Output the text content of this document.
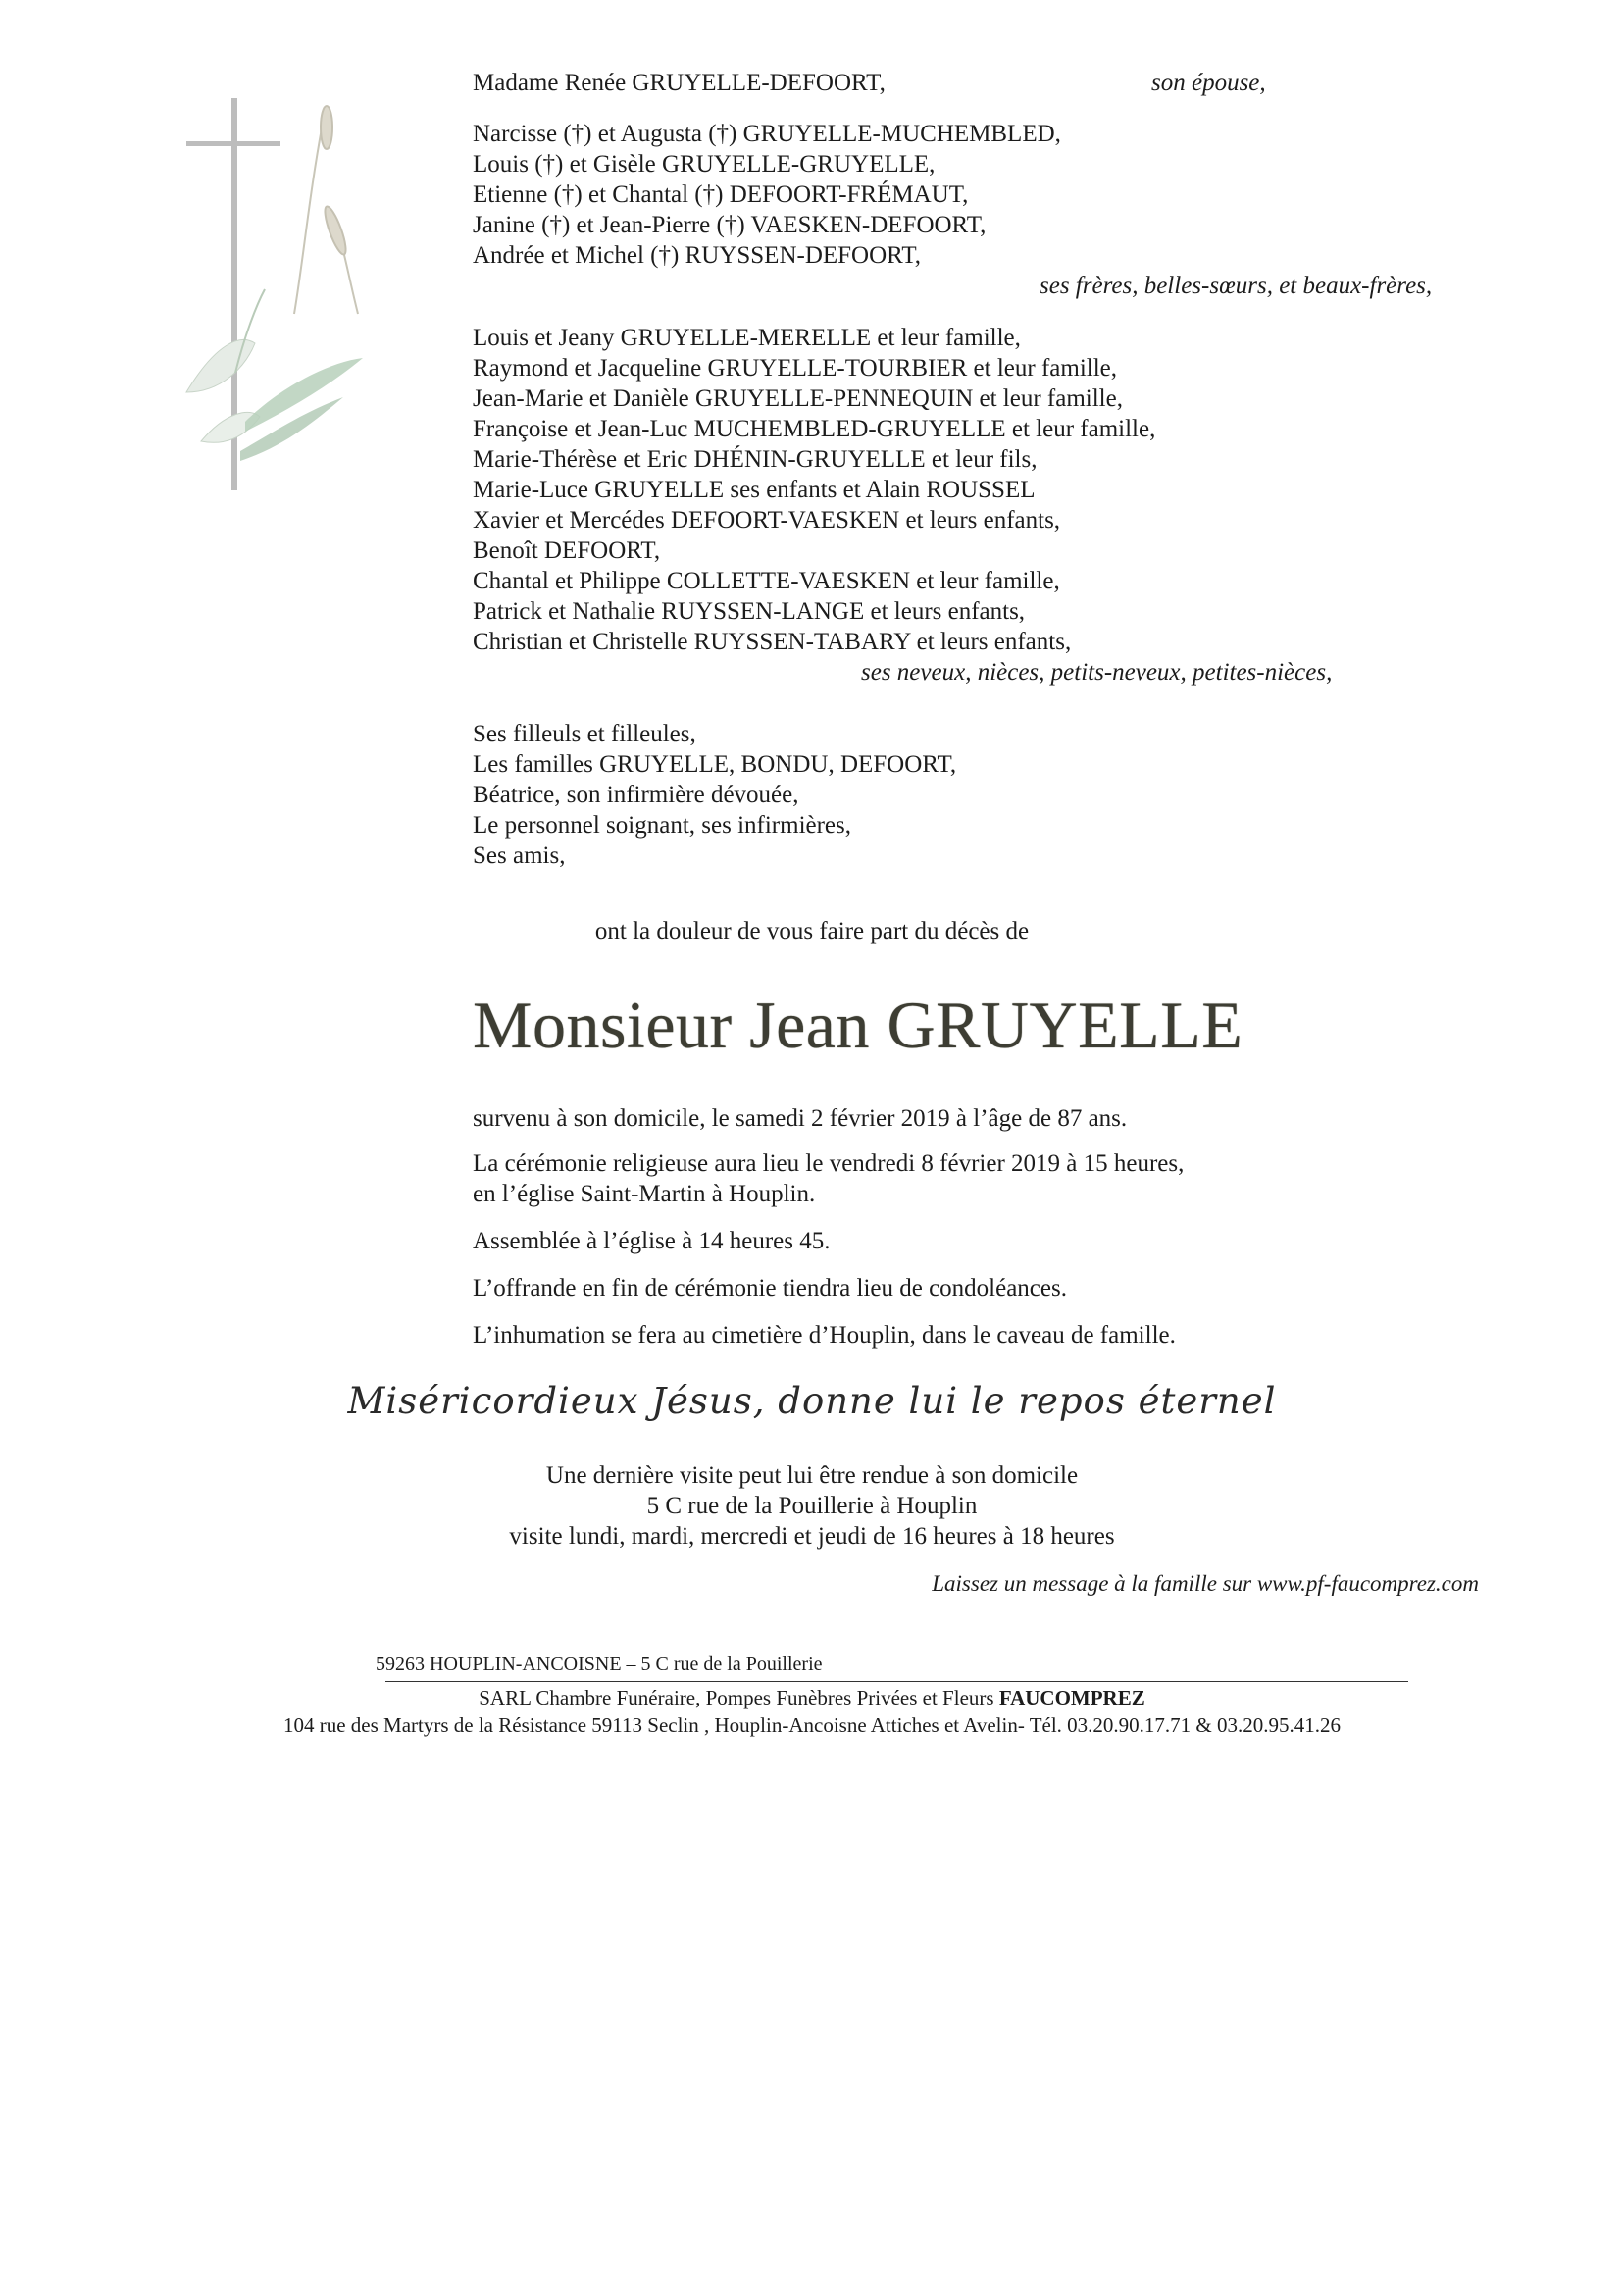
Madame Renée GRUYELLE-DEFOORT,	son épouse,
Narcisse (†) et Augusta (†) GRUYELLE-MUCHEMBLED,
Louis (†) et Gisèle GRUYELLE-GRUYELLE,
Etienne (†) et Chantal (†) DEFOORT-FRÉMAUT,
Janine (†) et Jean-Pierre (†) VAESKEN-DEFOORT,
Andrée et Michel (†) RUYSSEN-DEFOORT,
ses frères, belles-sœurs, et beaux-frères,
Louis et Jeany GRUYELLE-MERELLE et leur famille,
Raymond et Jacqueline GRUYELLE-TOURBIER et leur famille,
Jean-Marie et Danièle GRUYELLE-PENNEQUIN et leur famille,
Françoise et Jean-Luc MUCHEMBLED-GRUYELLE et leur famille,
Marie-Thérèse et Eric DHÉNIN-GRUYELLE et leur fils,
Marie-Luce GRUYELLE ses enfants et Alain ROUSSEL
Xavier et Mercédes DEFOORT-VAESKEN et leurs enfants,
Benoît DEFOORT,
Chantal et Philippe COLLETTE-VAESKEN et leur famille,
Patrick et Nathalie RUYSSEN-LANGE et leurs enfants,
Christian et Christelle RUYSSEN-TABARY et leurs enfants,
ses neveux, nièces, petits-neveux, petites-nièces,
Ses filleuls et filleules,
Les familles GRUYELLE, BONDU, DEFOORT,
Béatrice, son infirmière dévouée,
Le personnel soignant, ses infirmières,
Ses amis,
ont la douleur de vous faire part du décès de
Monsieur Jean GRUYELLE
survenu à son domicile, le samedi 2 février 2019 à l’âge de 87 ans.
La cérémonie religieuse aura lieu le vendredi 8 février 2019 à 15 heures,
en l’église Saint-Martin à Houplin.
Assemblée à l’église à 14 heures 45.
L’offrande en fin de cérémonie tiendra lieu de condoléances.
L’inhumation se fera au cimetière d’Houplin, dans le caveau de famille.
Miséricordieux Jésus, donne lui le repos éternel
Une dernière visite peut lui être rendue à son domicile
5 C rue de la Pouillerie à Houplin
visite lundi, mardi, mercredi et jeudi de 16 heures à 18 heures
Laissez un message à la famille sur www.pf-faucomprez.com
59263 HOUPLIN-ANCOISNE – 5 C rue de la Pouillerie
SARL Chambre Funéraire, Pompes Funèbres Privées et Fleurs FAUCOMPREZ
104 rue des Martyrs de la Résistance 59113 Seclin , Houplin-Ancoisne Attiches et Avelin- Tél. 03.20.90.17.71 & 03.20.95.41.26
